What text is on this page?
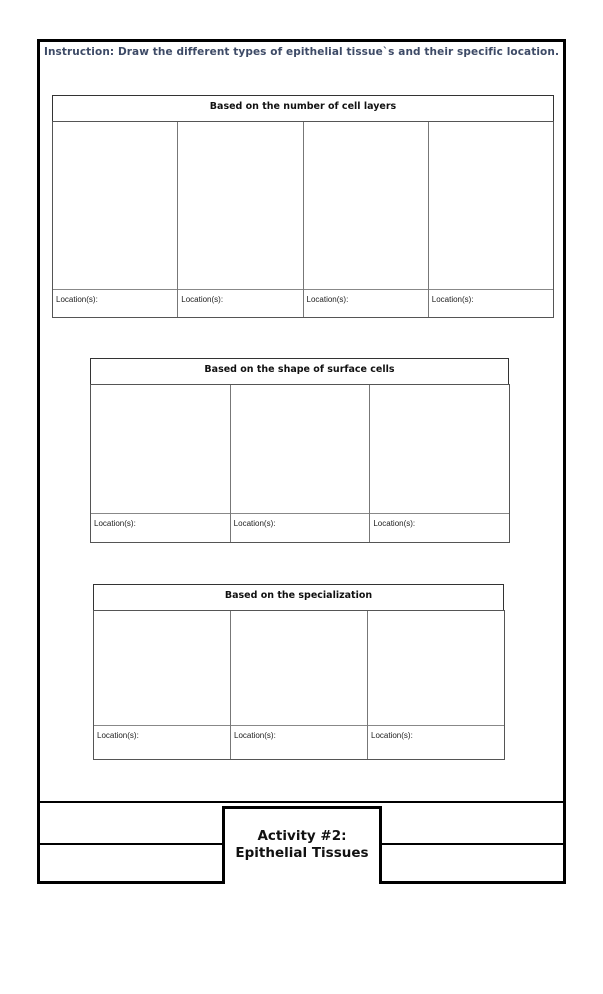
Instruction: Draw the different types of epithelial tissue`s and their specific location.
Based on the number of cell layers
Location(s):	Location(s):	Location(s):	Location(s):
Based on the shape of surface cells
Location(s):	Location(s):	Location(s):
Based on the specialization
Location(s):	Location(s):	Location(s):
Activity #2:
Epithelial Tissues
